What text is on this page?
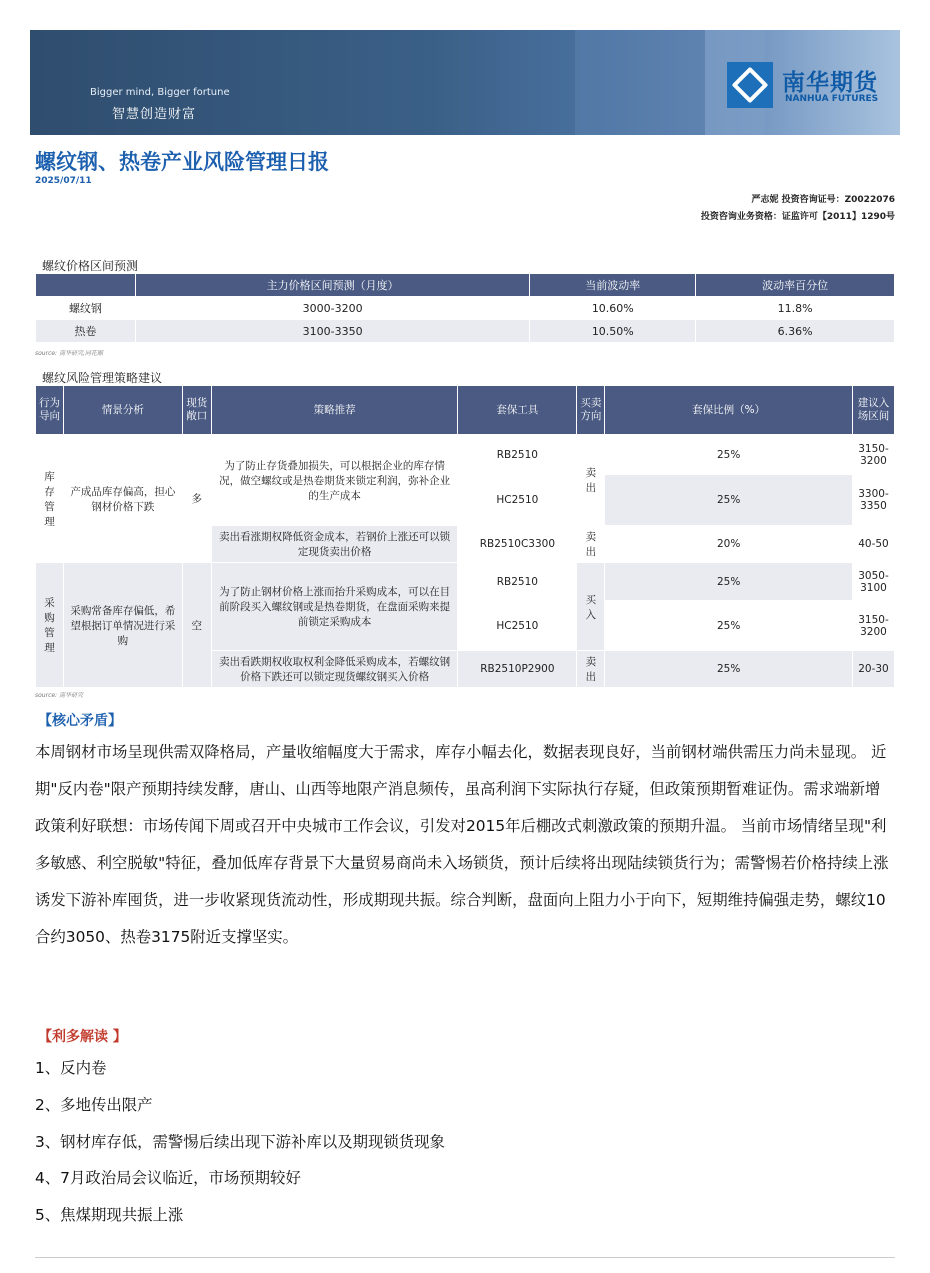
Bigger mind, Bigger fortune
智慧创造财富
南华期货
NANHUA FUTURES
螺纹钢、热卷产业风险管理日报
2025/07/11
严志妮 投资咨询证号：Z0022076
投资咨询业务资格：证监许可【2011】1290号
螺纹价格区间预测
	主力价格区间预测（月度）	当前波动率	波动率百分位
螺纹钢	3000-3200	10.60%	11.8%
热卷	3100-3350	10.50%	6.36%
source: 南华研究,同花顺
螺纹风险管理策略建议
行为导向	情景分析	现货敞口	策略推荐	套保工具	买卖方向	套保比例（%）	建议入场区间
库存管理	产成品库存偏高，担心钢材价格下跌	多	为了防止存货叠加损失，可以根据企业的库存情况，做空螺纹或是热卷期货来锁定利润，弥补企业的生产成本	RB2510	卖出	25%	3150-3200
				HC2510		25%	3300-3350
			卖出看涨期权降低资金成本，若钢价上涨还可以锁定现货卖出价格	RB2510C3300	卖出	20%	40-50
采购管理	采购常备库存偏低，希望根据订单情况进行采购	空	为了防止钢材价格上涨而抬升采购成本，可以在目前阶段买入螺纹钢或是热卷期货，在盘面采购来提前锁定采购成本	RB2510	买入	25%	3050-3100
				HC2510		25%	3150-3200
			卖出看跌期权收取权利金降低采购成本，若螺纹钢价格下跌还可以锁定现货螺纹钢买入价格	RB2510P2900	卖出	25%	20-30
source: 南华研究
【核心矛盾】
本周钢材市场呈现供需双降格局，产量收缩幅度大于需求，库存小幅去化，数据表现良好，当前钢材端供需压力尚未显现。 近期"反内卷"限产预期持续发酵，唐山、山西等地限产消息频传，虽高利润下实际执行存疑，但政策预期暂难证伪。需求端新增政策利好联想：市场传闻下周或召开中央城市工作会议，引发对2015年后棚改式刺激政策的预期升温。 当前市场情绪呈现"利多敏感、利空脱敏"特征，叠加低库存背景下大量贸易商尚未入场锁货，预计后续将出现陆续锁货行为；需警惕若价格持续上涨诱发下游补库囤货，进一步收紧现货流动性，形成期现共振。综合判断，盘面向上阻力小于向下，短期维持偏强走势，螺纹10合约3050、热卷3175附近支撑坚实。
【利多解读 】
1、反内卷
2、多地传出限产
3、钢材库存低，需警惕后续出现下游补库以及期现锁货现象
4、7月政治局会议临近，市场预期较好
5、焦煤期现共振上涨
